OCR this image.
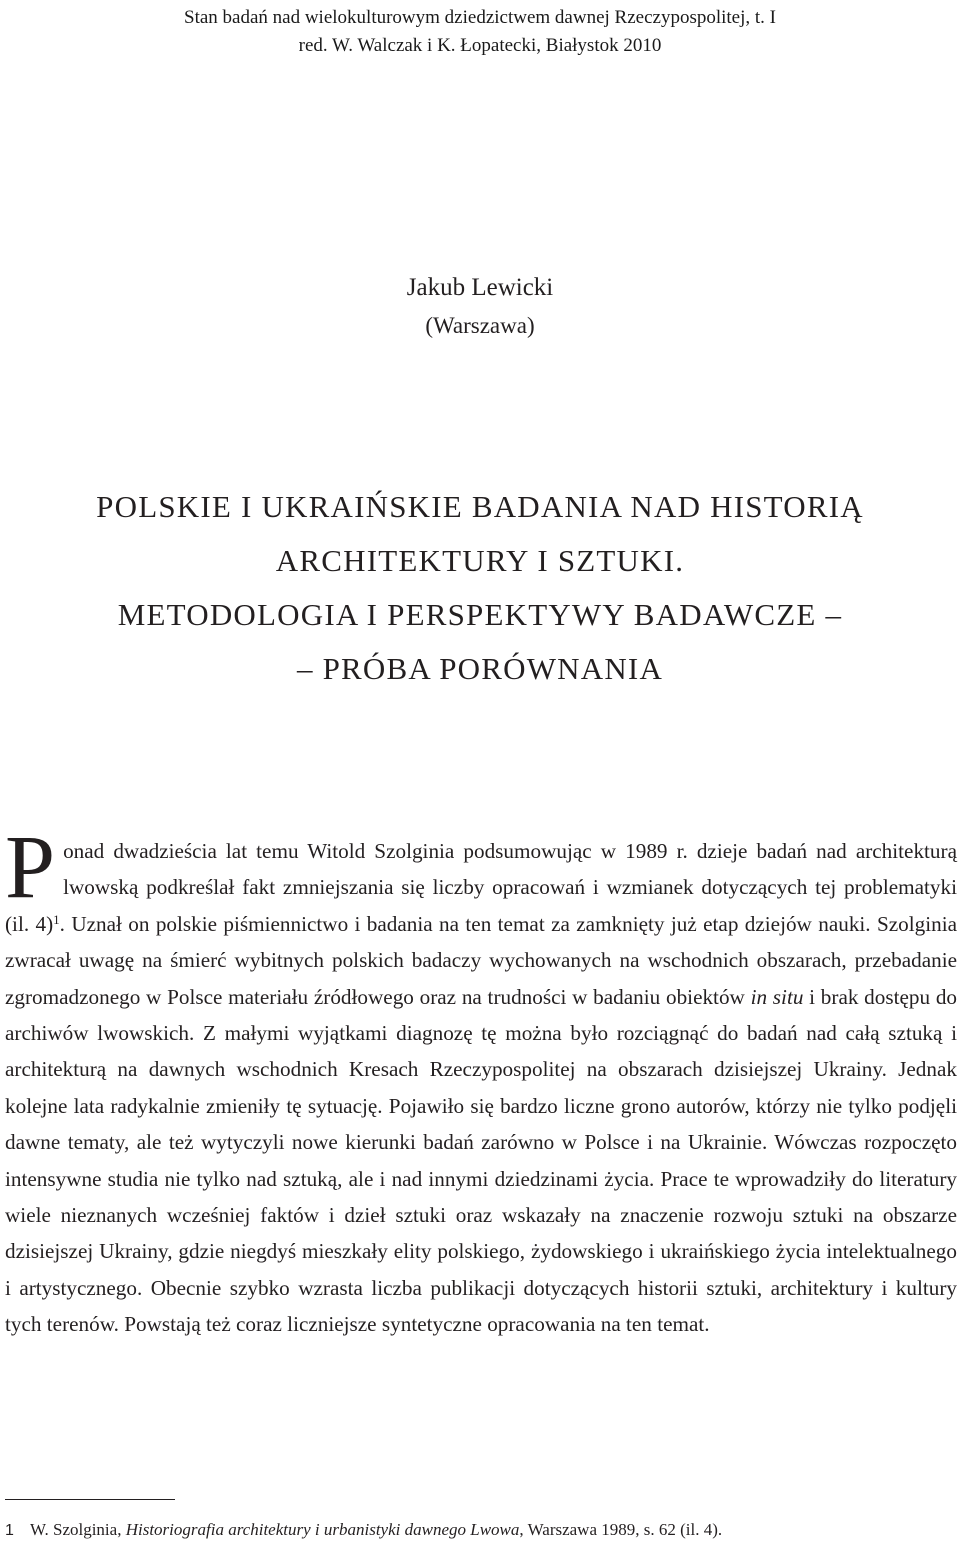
Stan badań nad wielokulturowym dziedzictwem dawnej Rzeczypospolitej, t. I
red. W. Walczak i K. Łopatecki, Białystok 2010
Jakub Lewicki
(Warszawa)
POLSKIE I UKRAIŃSKIE BADANIA NAD HISTORIĄ
ARCHITEKTURY I SZTUKI.
METODOLOGIA I PERSPEKTYWY BADAWCZE –
– PRÓBA PORÓWNANIA
Ponad dwadzieścia lat temu Witold Szolginia podsumowując w 1989 r. dzieje badań nad architekturą lwowską podkreślał fakt zmniejszania się liczby opracowań i wzmianek dotyczących tej problematyki (il. 4)$^1$. Uznał on polskie piśmiennictwo i badania na ten temat za zamknięty już etap dziejów nauki. Szolginia zwracał uwagę na śmierć wybitnych polskich badaczy wychowanych na wschodnich obszarach, przebadanie zgromadzonego w Polsce materiału źródłowego oraz na trudności w badaniu obiektów in situ i brak dostępu do archiwów lwowskich. Z małymi wyjątkami diagnozę tę można było rozciągnąć do badań nad całą sztuką i architekturą na dawnych wschodnich Kresach Rzeczypospolitej na obszarach dzisiejszej Ukrainy. Jednak kolejne lata radykalnie zmieniły tę sytuację. Pojawiło się bardzo liczne grono autorów, którzy nie tylko podjęli dawne tematy, ale też wytyczyli nowe kierunki badań zarówno w Polsce i na Ukrainie. Wówczas rozpoczęto intensywne studia nie tylko nad sztuką, ale i nad innymi dziedzinami życia. Prace te wprowadziły do literatury wiele nieznanych wcześniej faktów i dzieł sztuki oraz wskazały na znaczenie rozwoju sztuki na obszarze dzisiejszej Ukrainy, gdzie niegdyś mieszkały elity polskiego, żydowskiego i ukraińskiego życia intelektualnego i artystycznego. Obecnie szybko wzrasta liczba publikacji dotyczących historii sztuki, architektury i kultury tych terenów. Powstają też coraz liczniejsze syntetyczne opracowania na ten temat.
1 W. Szolginia, Historiografia architektury i urbanistyki dawnego Lwowa, Warszawa 1989, s. 62 (il. 4).
